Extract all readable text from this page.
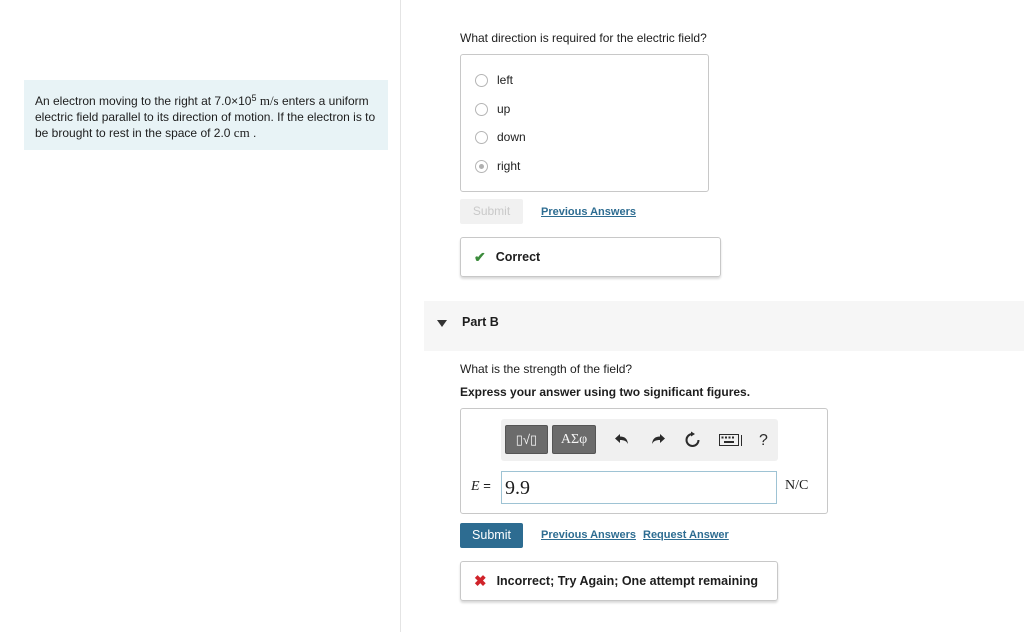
An electron moving to the right at $7.0\times 10^5$ m/s enters a uniform electric field parallel to its direction of motion. If the electron is to be brought to rest in the space of 2.0 cm .
What direction is required for the electric field?
left
up
down
right
Submit	Previous Answers
✔ Correct
Part B
What is the strength of the field?
Express your answer using two significant figures.
▯√▯	ΑΣφ	?
E = 9.9	N/C
Submit	Previous Answers Request Answer
✖ Incorrect; Try Again; One attempt remaining
